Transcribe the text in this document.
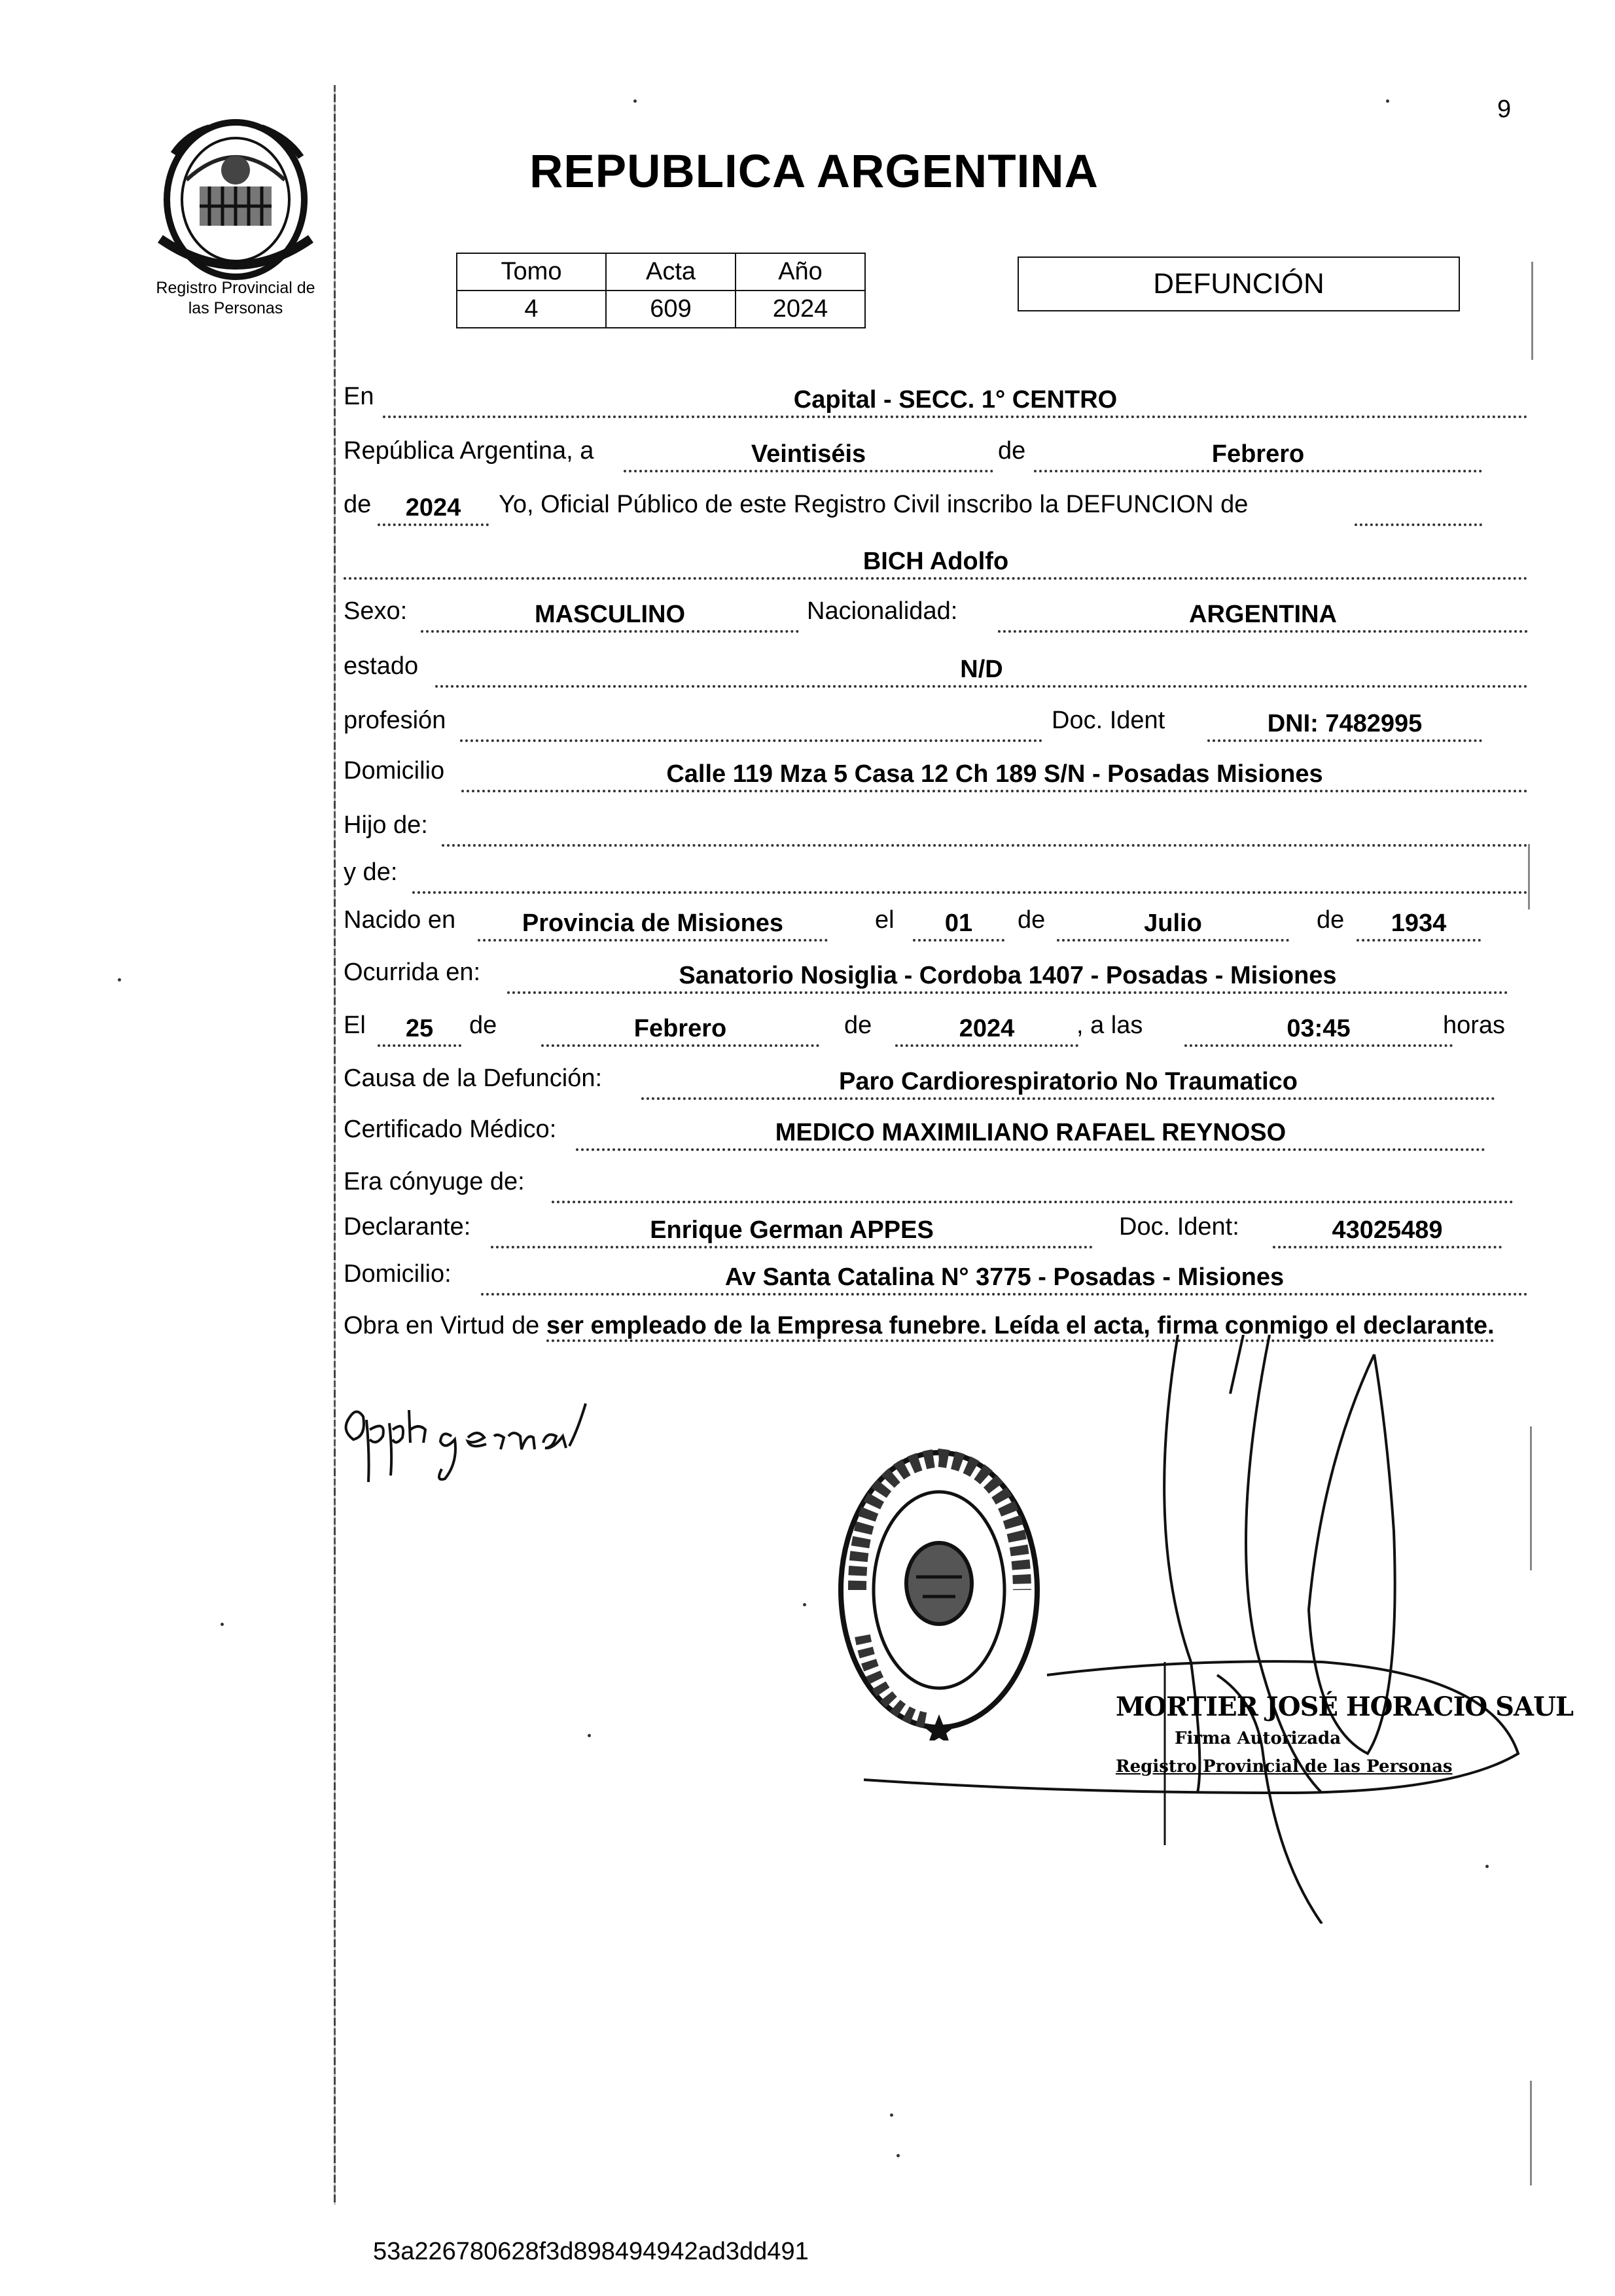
Registro Provincial de
las Personas
9
REPUBLICA ARGENTINA
Tomo	Acta	Año
4	609	2024
DEFUNCIÓN
En	Capital - SECC. 1° CENTRO
República Argentina, a	Veintiséis	de	Febrero
de	2024	Yo, Oficial Público de este Registro Civil inscribo la DEFUNCION de
BICH Adolfo
Sexo:	MASCULINO	Nacionalidad:	ARGENTINA
estado	N/D
profesión	Doc. Ident	DNI: 7482995
Domicilio	Calle 119 Mza 5 Casa 12 Ch 189 S/N - Posadas Misiones
Hijo de:
y de:
Nacido en	Provincia de Misiones	el	01	de	Julio	de	1934
Ocurrida en:	Sanatorio Nosiglia - Cordoba 1407 - Posadas - Misiones
El	25	de	Febrero	de	2024	, a las	03:45	horas
Causa de la Defunción:	Paro Cardiorespiratorio No Traumatico
Certificado Médico:	MEDICO MAXIMILIANO RAFAEL REYNOSO
Era cónyuge de:
Declarante:	Enrique German APPES	Doc. Ident:	43025489
Domicilio:	Av Santa Catalina N° 3775 - Posadas - Misiones
Obra en Virtud de ser empleado de la Empresa funebre. Leída el acta, firma conmigo el declarante.
MORTIER JOSÉ HORACIO SAUL
Firma Autorizada
Registro Provincial de las Personas
53a226780628f3d898494942ad3dd491
